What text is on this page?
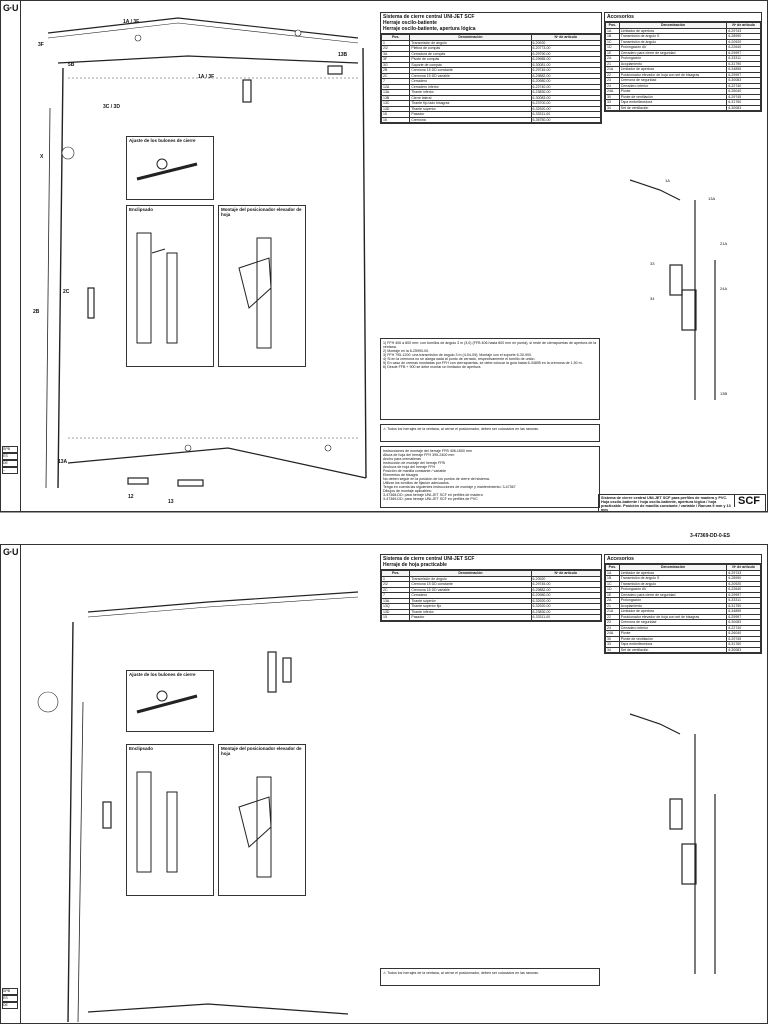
G·U
SPB
ES
DE
--
1A / 3F
3F
5B
13B
1A / 3F
3C / 3D
X
2B
2C
13A
12
13
Ajuste de los bulones de cierre
Enclipsado	Montaje del posicionador elevador de hoja
Sistema de cierre central UNI-JET SCF
Herraje oscilo-batiente
Herraje oscilo-batiente, apertura lógica
Pos.	Denominación	Nº de artículo
1	Transmisión de ángulo	6-20920
2/2	Pletina de compás	6-20773-00
3A	Cerradura de compás	6-29790-00
3F	Pivote de compás	6-29985-00
3G	Soporte de compás	6-30081-00
2B	Cremona 15 DD constante	6-29745-00
2C	Cremona 15 DD variable	6-29882-00
7	Cerradero	6-20980-00
12A	Cerradero inferior	6-22740-00
13A	Tirante inferior	6-23830-00
13B	Cierre lateral	6-30083-00
13C	Tirante fijo lado bisagras	6-23700-00
13D	Tirante superior	6-32920-00
15	Pasador	6-33311-00
16	Cremona	6-35750-00
1) FFH 406 a 800 mm: con tornillos de ángulo 3 m (3,0) (FFB 406 hasta 800 mm en punta), si reste de cierrapuertas de apertura de la ventana.
2) Montaje en la 6-25990-00.
3) FFH 795-1200: una transmisión de ángulo 3 m (4-04-09); Montaje con el soporte 6-30-900.
4) Si en la cremona no se alarga nada al punto de cerrado, respectivamente el tornillo de unión.
5) En caso de cremas montadas por FFH con cierrapuertas, se debe colocar la guía hasta 6-34895 en la cremona de 1,50 m.
6) Desde FFB + 900 se debe montar un limitador de apertura.
⚠ Todos los herrajes de la ventana, al cerrar el posicionador, deben ser colocados en las ranuras.
Instrucciones de montaje del herraje FFB 406-1600 mm
Altura de hoja del herraje FFH 395-2400 mm
Ancho para cremalleras
Instrucción de montaje del herraje FFB
Anchura de hoja del herraje FFH
Posición de manilla constante / variable
Elementos de bisagra
No deben seguir en la posición de los puntos de cierre del sistema.
Utilizar los tornillos de fijación adecuados.
Tenga en cuenta las siguientes instrucciones de montaje y mantenimiento: 3-47367
Dibujos de montaje aplicables:
3-47368-DD: para herraje UNI-JET SCF en perfiles de madera
3-47369-DD: para herraje UNI-JET SCF en perfiles de PVC
Accesorios
Pos.	Denominación	Nº de artículo
1A	Limitador de apertura	6-29743
1B	Transmisión de ángulo S	6-28990
1C	Transmisión de ángulo	6-20920
1D	Prolongación AV	6-22640
1E	Cerradero para cierre de seguridad	6-29997
2A	Prolongación	6-33311
21	Acoplamiento	6-31790
21A	Limitador de apertura	6-34895
22	Posicionador elevador de hoja con set de bisagras	6-29997
23	Cremona de seguridad	6-30083
24	Cerradero inferior	6-22740
24A	Pivote	6-26040
30	Pivote de ventilación	6-29745
33	Tapa embellecedora	6-31760
34	Set de ventilación	6-30083
1A
13A
21A
33
34
24A
13B
Sistema de cierre central UNI-JET SCF para perfiles de madera y PVC. Hoja oscilo-batiente / hoja oscilo-batiente, apertura lógica / hoja practicable. Posición de manilla constante / variable / Ranura 9 mm y 13 mm
SCF
3-47369-DD-0-ES
G·U
SPB
ES
DE
Ajuste de los bulones de cierre
Enclipsado	Montaje del posicionador elevador de hoja
Sistema de cierre central UNI-JET SCF
Herraje de hoja practicable
Pos.	Denominación	Nº de artículo
1	Transmisión de ángulo	6-20920
2/2	Cremona 15 DD constante	6-29745-00
2C	Cremona 15 DD variable	6-29882-00
7	Cerradero	6-20980-00
13A	Tirante superior	6-32920-00
13Q	Tirante superior fijo	6-32920-00
13D	Tirante inferior	6-23830-00
15	Pasador	6-33311-00
⚠ Todos los herrajes de la ventana, al cerrar el posicionador, deben ser colocados en las ranuras.
Accesorios
Pos.	Denominación	Nº de artículo
1A	Limitador de apertura	6-29743
1B	Transmisión de ángulo S	6-28990
1C	Transmisión de ángulo	6-20920
1D	Prolongación AV	6-22640
1E	Cerradero para cierre de seguridad	6-29997
2A	Prolongación	6-33311
21	Acoplamiento	6-31790
21A	Limitador de apertura	6-34895
22	Posicionador elevador de hoja con set de bisagras	6-29997
23	Cremona de seguridad	6-30083
24	Cerradero inferior	6-22740
24A	Pivote	6-26040
30	Pivote de ventilación	6-29745
33	Tapa embellecedora	6-31760
34	Set de ventilación	6-30083
